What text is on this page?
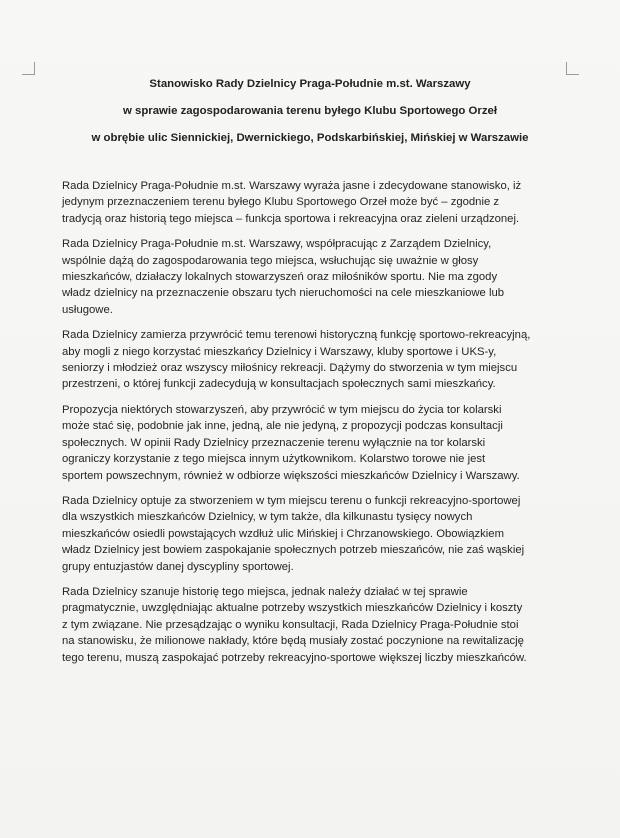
Stanowisko Rady Dzielnicy Praga-Południe m.st. Warszawy
w sprawie zagospodarowania terenu byłego Klubu Sportowego Orzeł
w obrębie ulic Siennickiej, Dwernickiego, Podskarbińskiej, Mińskiej w Warszawie

Rada Dzielnicy Praga-Południe m.st. Warszawy wyraża jasne i zdecydowane stanowisko, iż
jedynym przeznaczeniem terenu byłego Klubu Sportowego Orzeł może być – zgodnie z
tradycją oraz historią tego miejsca – funkcja sportowa i rekreacyjna oraz zieleni urządzonej.

Rada Dzielnicy Praga-Południe m.st. Warszawy, współpracując z Zarządem Dzielnicy,
wspólnie dążą do zagospodarowania tego miejsca, wsłuchując się uważnie w głosy
mieszkańców, działaczy lokalnych stowarzyszeń oraz miłośników sportu. Nie ma zgody
władz dzielnicy na przeznaczenie obszaru tych nieruchomości na cele mieszkaniowe lub
usługowe.

Rada Dzielnicy zamierza przywrócić temu terenowi historyczną funkcję sportowo-rekreacyjną,
aby mogli z niego korzystać mieszkańcy Dzielnicy i Warszawy, kluby sportowe i UKS-y,
seniorzy i młodzież oraz wszyscy miłośnicy rekreacji. Dążymy do stworzenia w tym miejscu
przestrzeni, o której funkcji zadecydują w konsultacjach społecznych sami mieszkańcy.

Propozycja niektórych stowarzyszeń, aby przywrócić w tym miejscu do życia tor kolarski
może stać się, podobnie jak inne, jedną, ale nie jedyną, z propozycji podczas konsultacji
społecznych. W opinii Rady Dzielnicy przeznaczenie terenu wyłącznie na tor kolarski
ograniczy korzystanie z tego miejsca innym użytkownikom. Kolarstwo torowe nie jest
sportem powszechnym, również w odbiorze większości mieszkańców Dzielnicy i Warszawy.

Rada Dzielnicy optuje za stworzeniem w tym miejscu terenu o funkcji rekreacyjno-sportowej
dla wszystkich mieszkańców Dzielnicy, w tym także, dla kilkunastu tysięcy nowych
mieszkańców osiedli powstających wzdłuż ulic Mińskiej i Chrzanowskiego. Obowiązkiem
władz Dzielnicy jest bowiem zaspokajanie społecznych potrzeb mieszańców, nie zaś wąskiej
grupy entuzjastów danej dyscypliny sportowej.

Rada Dzielnicy szanuje historię tego miejsca, jednak należy działać w tej sprawie
pragmatycznie, uwzględniając aktualne potrzeby wszystkich mieszkańców Dzielnicy i koszty
z tym związane. Nie przesądzając o wyniku konsultacji, Rada Dzielnicy Praga-Południe stoi
na stanowisku, że milionowe nakłady, które będą musiały zostać poczynione na rewitalizację
tego terenu, muszą zaspokajać potrzeby rekreacyjno-sportowe większej liczby mieszkańców.
